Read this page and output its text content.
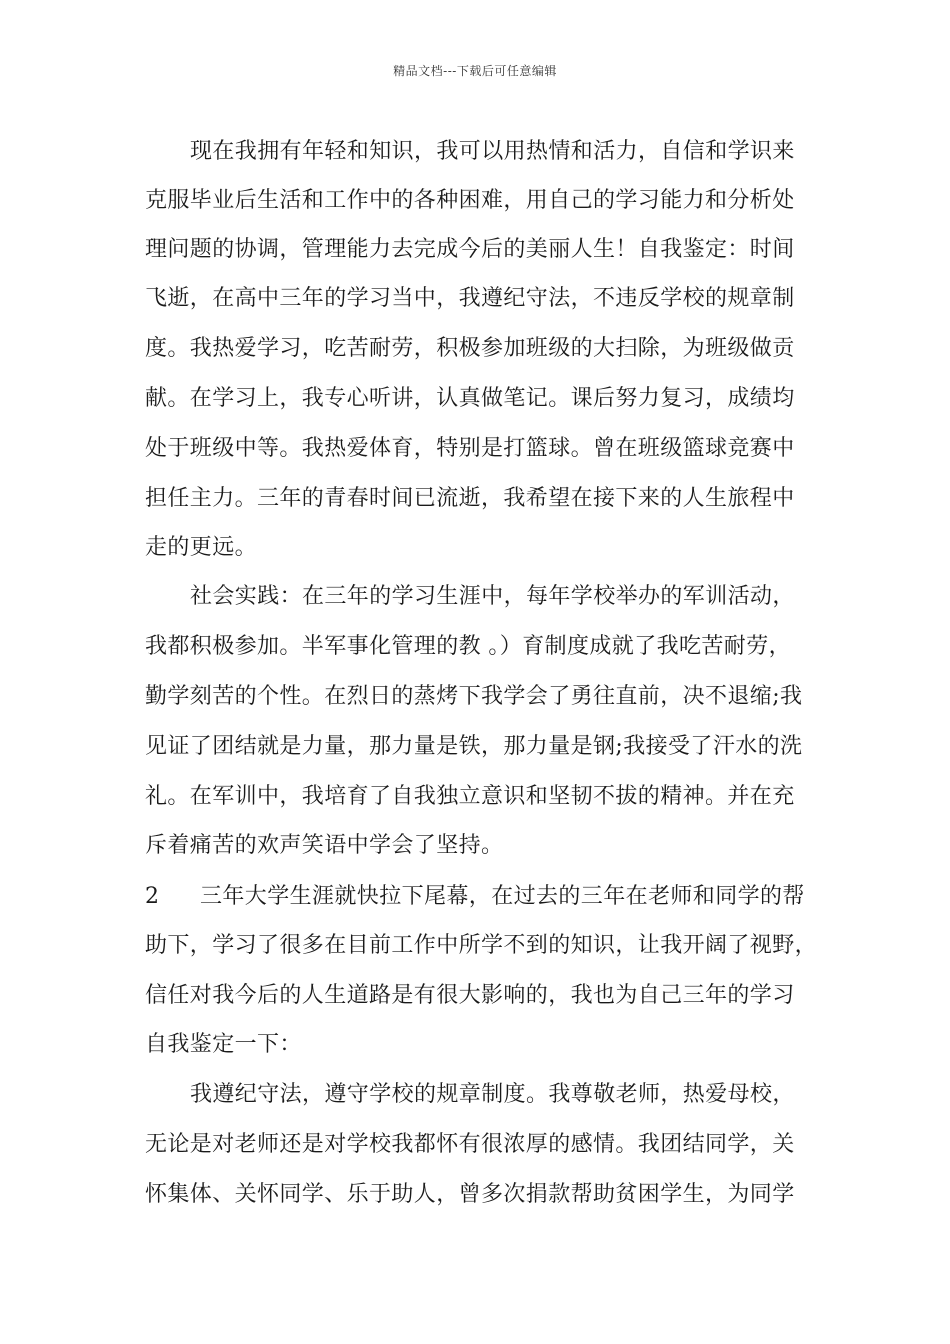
精品文档---下载后可任意编辑
现在我拥有年轻和知识，我可以用热情和活力，自信和学识来
克服毕业后生活和工作中的各种困难，用自己的学习能力和分析处
理问题的协调，管理能力去完成今后的美丽人生！自我鉴定：时间
飞逝，在高中三年的学习当中，我遵纪守法，不违反学校的规章制
度。我热爱学习，吃苦耐劳，积极参加班级的大扫除，为班级做贡
献。在学习上，我专心听讲，认真做笔记。课后努力复习，成绩均
处于班级中等。我热爱体育，特别是打篮球。曾在班级篮球竞赛中
担任主力。三年的青春时间已流逝，我希望在接下来的人生旅程中
走的更远。
社会实践：在三年的学习生涯中，每年学校举办的军训活动，
我都积极参加。半军事化管理的教 。）育制度成就了我吃苦耐劳，
勤学刻苦的个性。在烈日的蒸烤下我学会了勇往直前，决不退缩;我
见证了团结就是力量，那力量是铁，那力量是钢;我接受了汗水的洗
礼。在军训中，我培育了自我独立意识和坚韧不拔的精神。并在充
斥着痛苦的欢声笑语中学会了坚持。
2 三年大学生涯就快拉下尾幕，在过去的三年在老师和同学的帮
助下，学习了很多在目前工作中所学不到的知识，让我开阔了视野，
信任对我今后的人生道路是有很大影响的，我也为自己三年的学习
自我鉴定一下：
我遵纪守法，遵守学校的规章制度。我尊敬老师，热爱母校，
无论是对老师还是对学校我都怀有很浓厚的感情。我团结同学，关
怀集体、关怀同学、乐于助人，曾多次捐款帮助贫困学生，为同学
